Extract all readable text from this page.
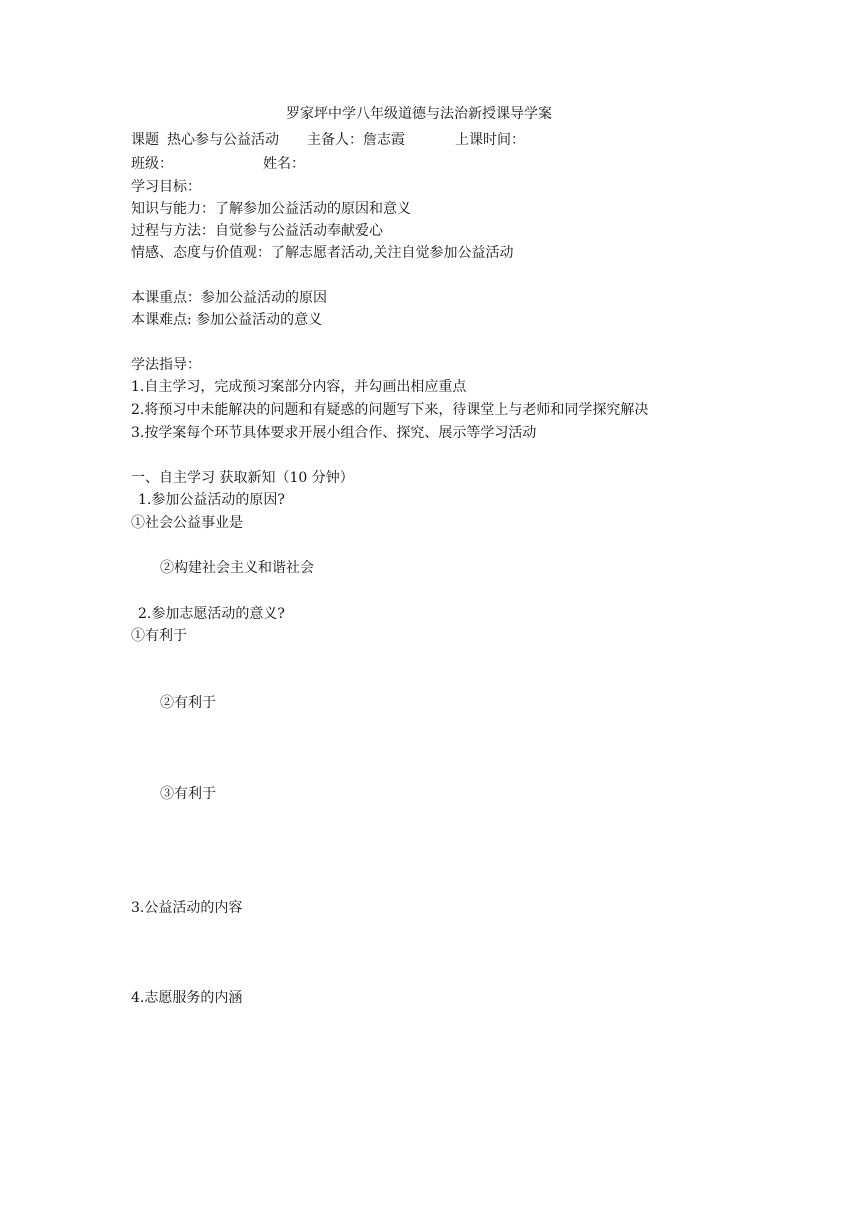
罗家坪中学八年级道德与法治新授课导学案
课题 热心参与公益活动 主备人：詹志霞	上课时间：
班级：	姓名：
学习目标：
知识与能力：了解参加公益活动的原因和意义
过程与方法：自觉参与公益活动奉献爱心
情感、态度与价值观：了解志愿者活动,关注自觉参加公益活动
本课重点：参加公益活动的原因
本课难点: 参加公益活动的意义
学法指导：
1.自主学习，完成预习案部分内容，并勾画出相应重点
2.将预习中未能解决的问题和有疑惑的问题写下来，待课堂上与老师和同学探究解决
3.按学案每个环节具体要求开展小组合作、探究、展示等学习活动
一、自主学习 获取新知（10 分钟）
1.参加公益活动的原因?
①社会公益事业是
②构建社会主义和谐社会
2.参加志愿活动的意义?
①有利于
②有利于
③有利于
3.公益活动的内容
4.志愿服务的内涵
